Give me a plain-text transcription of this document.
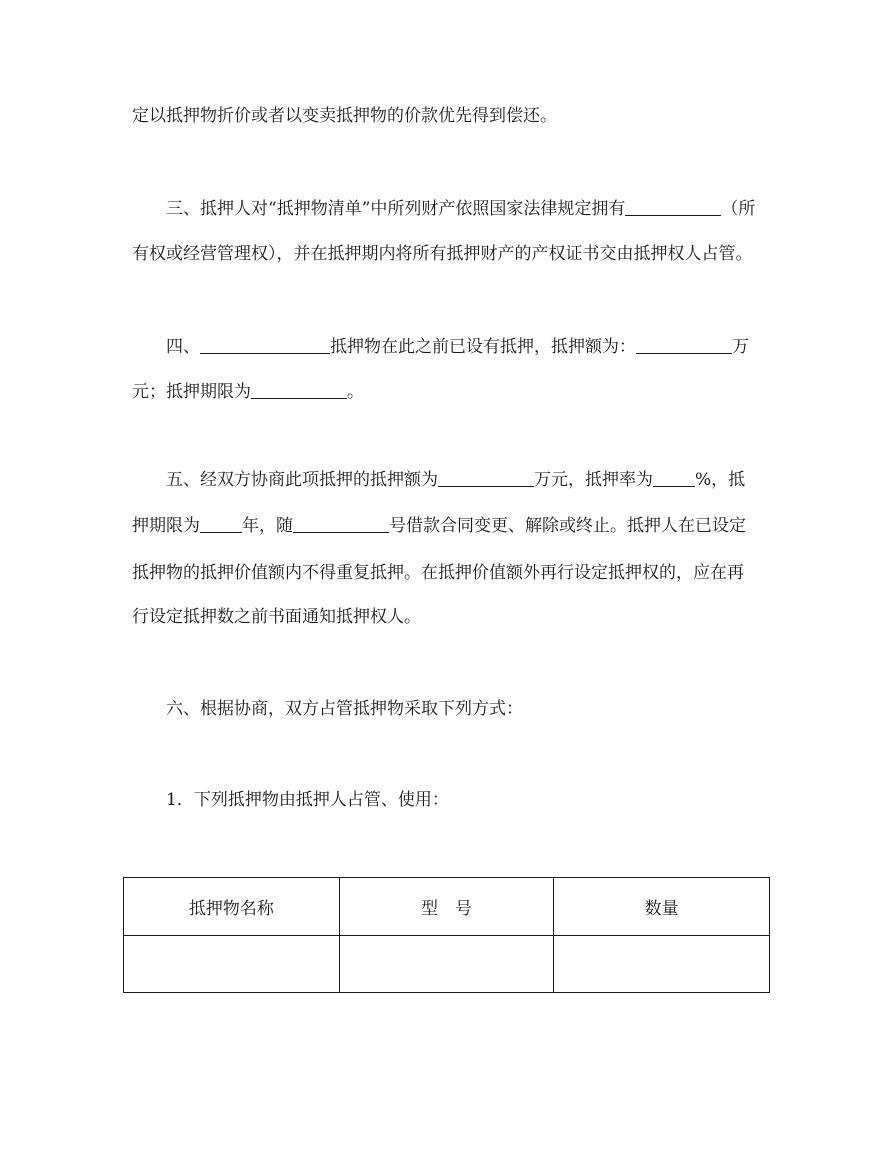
定以抵押物折价或者以变卖抵押物的价款优先得到偿还。
三、抵押人对“抵押物清单”中所列财产依照国家法律规定拥有	（所
有权或经营管理权），并在抵押期内将所有抵押财产的产权证书交由抵押权人占管。
四、	抵押物在此之前已设有抵押，抵押额为：	万
元；抵押期限为	。
五、经双方协商此项抵押的抵押额为	万元，抵押率为 %，抵
押期限为 年，随	号借款合同变更、解除或终止。抵押人在已设定
抵押物的抵押价值额内不得重复抵押。在抵押价值额外再行设定抵押权的，应在再
行设定抵押数之前书面通知抵押权人。
六、根据协商，双方占管抵押物采取下列方式：
1．下列抵押物由抵押人占管、使用：
抵押物名称	型　号	数量
